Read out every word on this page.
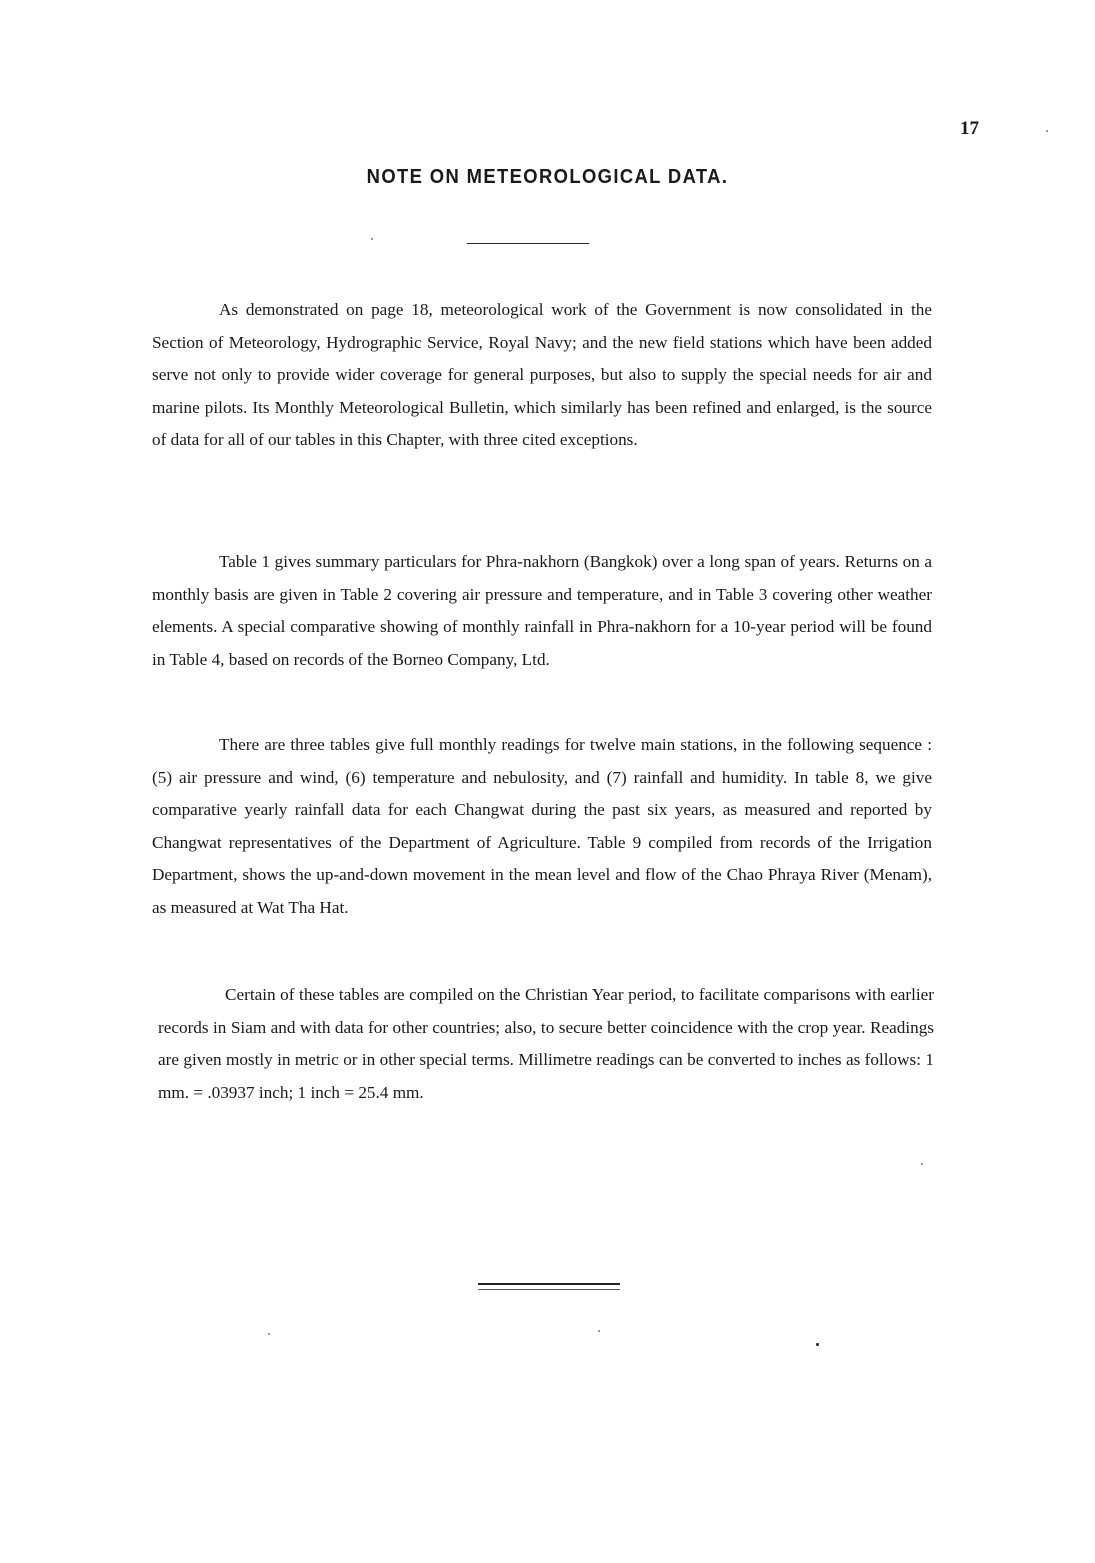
17
NOTE ON METEOROLOGICAL DATA.

As demonstrated on page 18, meteorological work of the Government is now consolidated in the Section of Meteorology, Hydrographic Service, Royal Navy; and the new field stations which have been added serve not only to provide wider coverage for general purposes, but also to supply the special needs for air and marine pilots. Its Monthly Meteorological Bulletin, which similarly has been refined and enlarged, is the source of data for all of our tables in this Chapter, with three cited exceptions.

Table 1 gives summary particulars for Phra-nakhorn (Bangkok) over a long span of years. Returns on a monthly basis are given in Table 2 covering air pressure and temperature, and in Table 3 covering other weather elements. A special comparative showing of monthly rainfall in Phra-nakhorn for a 10-year period will be found in Table 4, based on records of the Borneo Company, Ltd.

There are three tables give full monthly readings for twelve main stations, in the following sequence : (5) air pressure and wind, (6) temperature and nebulosity, and (7) rainfall and humidity. In table 8, we give comparative yearly rainfall data for each Changwat during the past six years, as measured and reported by Changwat representatives of the Department of Agriculture. Table 9 compiled from records of the Irrigation Department, shows the up-and-down movement in the mean level and flow of the Chao Phraya River (Menam), as measured at Wat Tha Hat.

Certain of these tables are compiled on the Christian Year period, to facilitate comparisons with earlier records in Siam and with data for other countries; also, to secure better coincidence with the crop year. Readings are given mostly in metric or in other special terms. Millimetre readings can be converted to inches as follows: 1 mm. = .03937 inch; 1 inch = 25.4 mm.
